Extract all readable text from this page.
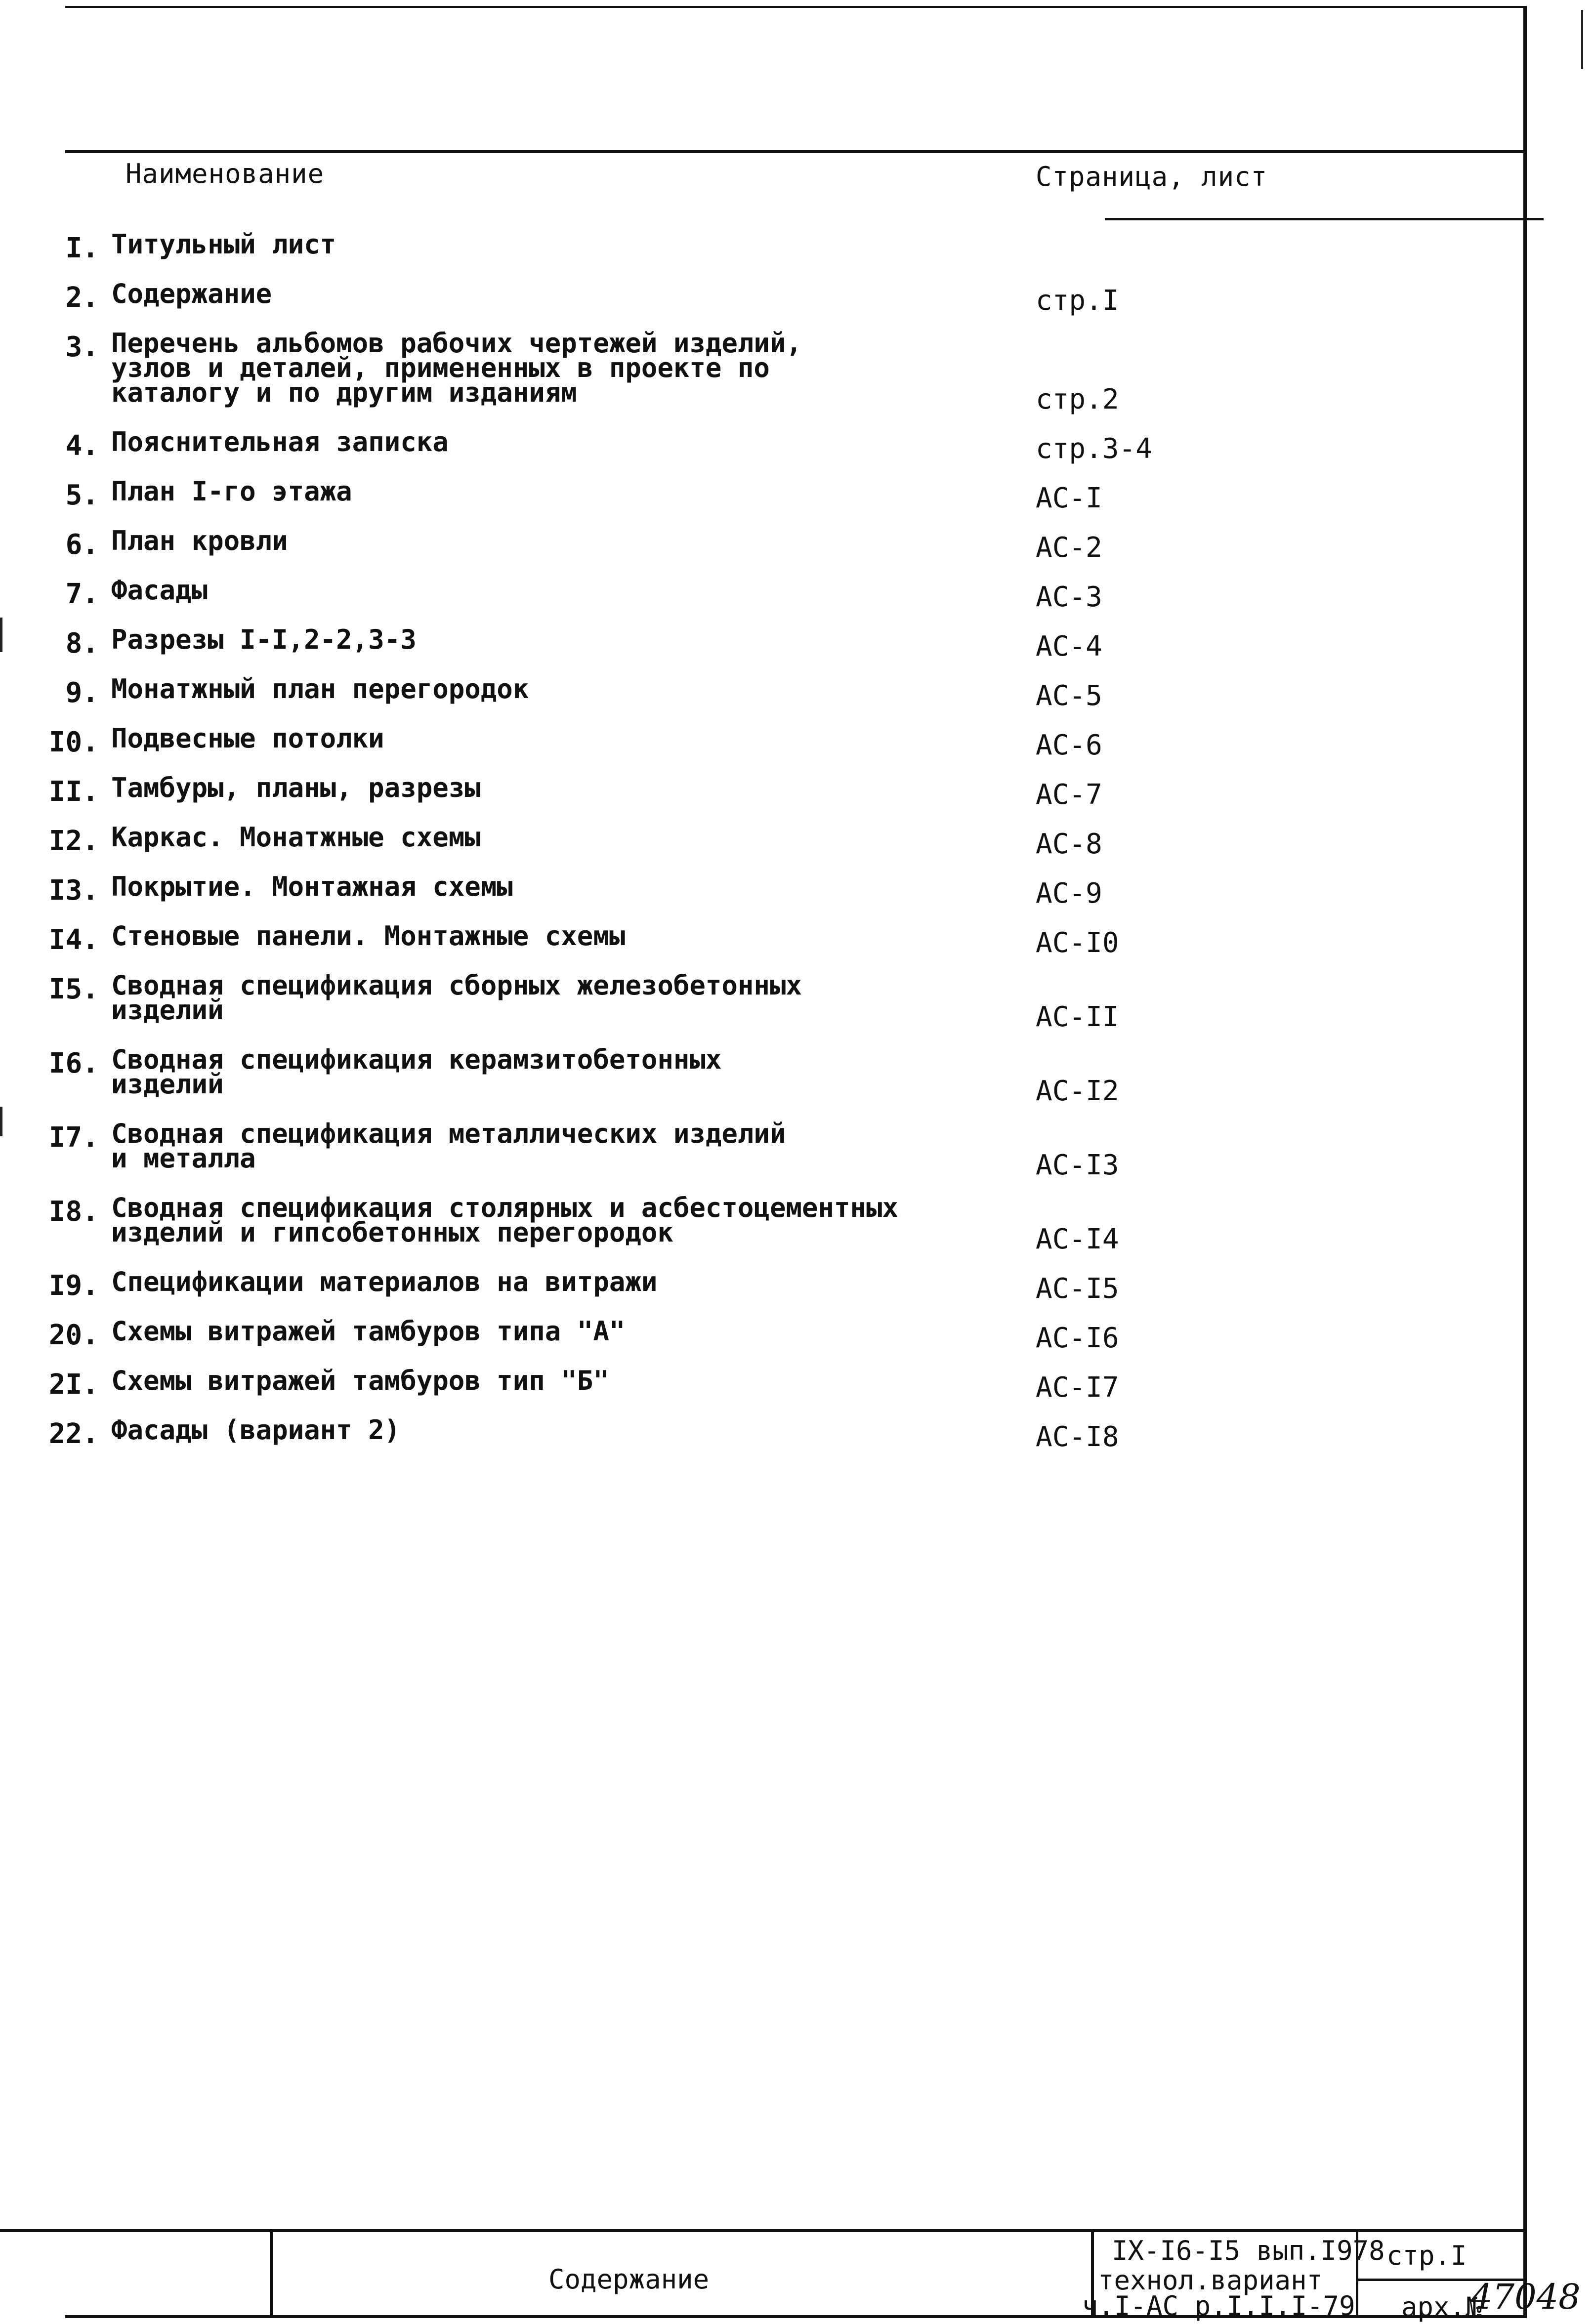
Наименование	Страница, лист
I. Титульный лист
2. Содержание	стр.I
3. Перечень альбомов рабочих чертежей изделий,
узлов и деталей, примененных в проекте по
каталогу и по другим изданиям	стр.2
4. Пояснительная записка	стр.3-4
5. План I-го этажа	АС-I
6. План кровли	АС-2
7. Фасады	АС-3
8. Разрезы I-I,2-2,3-3	АС-4
9. Монатжный план перегородок	АС-5
I0. Подвесные потолки	АС-6
II. Тамбуры, планы, разрезы	АС-7
I2. Каркас. Монатжные схемы	АС-8
I3. Покрытие. Монтажная схемы	АС-9
I4. Стеновые панели. Монтажные схемы	АС-I0
I5. Сводная спецификация сборных железобетонных
изделий	АС-II
I6. Сводная спецификация керамзитобетонных
изделий	АС-I2
I7. Сводная спецификация металлических изделий
и металла	АС-I3
I8. Сводная спецификация столярных и асбестоцементных
изделий и гипсобетонных перегородок	АС-I4
I9. Спецификации материалов на витражи	АС-I5
20. Схемы витражей тамбуров типа "А"	АС-I6
2I. Схемы витражей тамбуров тип "Б"	АС-I7
22. Фасады (вариант 2)	АС-I8
Содержание
IX-I6-I5 вып.I978
технол.вариант
ч.I-АС р.I.I.I-79
стр.I
арх.№
47048
